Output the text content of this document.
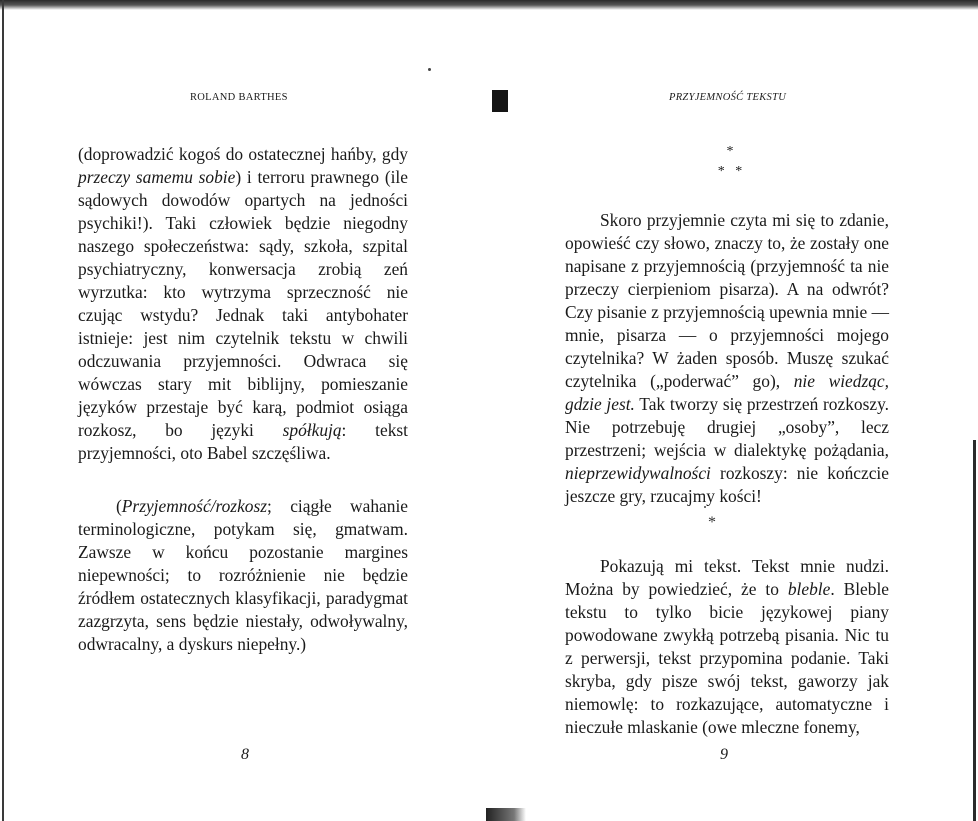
ROLAND BARTHES

(doprowadzić kogoś do ostatecznej hańby, gdy przeczy samemu sobie) i terroru prawnego (ile sądowych dowodów opartych na jedności psychiki!). Taki człowiek będzie niegodny naszego społeczeństwa: sądy, szkoła, szpital psychiatryczny, konwersacja zrobią zeń wyrzutka: kto wytrzyma sprzeczność nie czując wstydu? Jednak taki antybohater istnieje: jest nim czytelnik tekstu w chwili odczuwania przyjemności. Odwraca się wówczas stary mit biblijny, pomieszanie języków przestaje być karą, podmiot osiąga rozkosz, bo języki spółkują: tekst przyjemności, oto Babel szczęśliwa.

(Przyjemność/rozkosz; ciągłe wahanie terminologiczne, potykam się, gmatwam. Zawsze w końcu pozostanie margines niepewności; to rozróżnienie nie będzie źródłem ostatecznych klasyfikacji, paradygmat zazgrzyta, sens będzie niestały, odwoływalny, odwracalny, a dyskurs niepełny.)

8
PRZYJEMNOŚĆ TEKSTU
*
*   *

Skoro przyjemnie czyta mi się to zdanie, opowieść czy słowo, znaczy to, że zostały one napisane z przyjemnością (przyjemność ta nie przeczy cierpieniom pisarza). A na odwrót? Czy pisanie z przyjemnością upewnia mnie — mnie, pisarza — o przyjemności mojego czytelnika? W żaden sposób. Muszę szukać czytelnika („poderwać” go), nie wiedząc, gdzie jest. Tak tworzy się przestrzeń rozkoszy. Nie potrzebuję drugiej „osoby”, lecz przestrzeni; wejścia w dialektykę pożądania, nieprzewidywalności rozkoszy: nie kończcie jeszcze gry, rzucajmy kości!

*

Pokazują mi tekst. Tekst mnie nudzi. Można by powiedzieć, że to bleble. Bleble tekstu to tylko bicie językowej piany powodowane zwykłą potrzebą pisania. Nic tu z perwersji, tekst przypomina podanie. Taki skryba, gdy pisze swój tekst, gaworzy jak niemowlę: to rozkazujące, automatyczne i nieczułe mlaskanie (owe mleczne fonemy,

9
